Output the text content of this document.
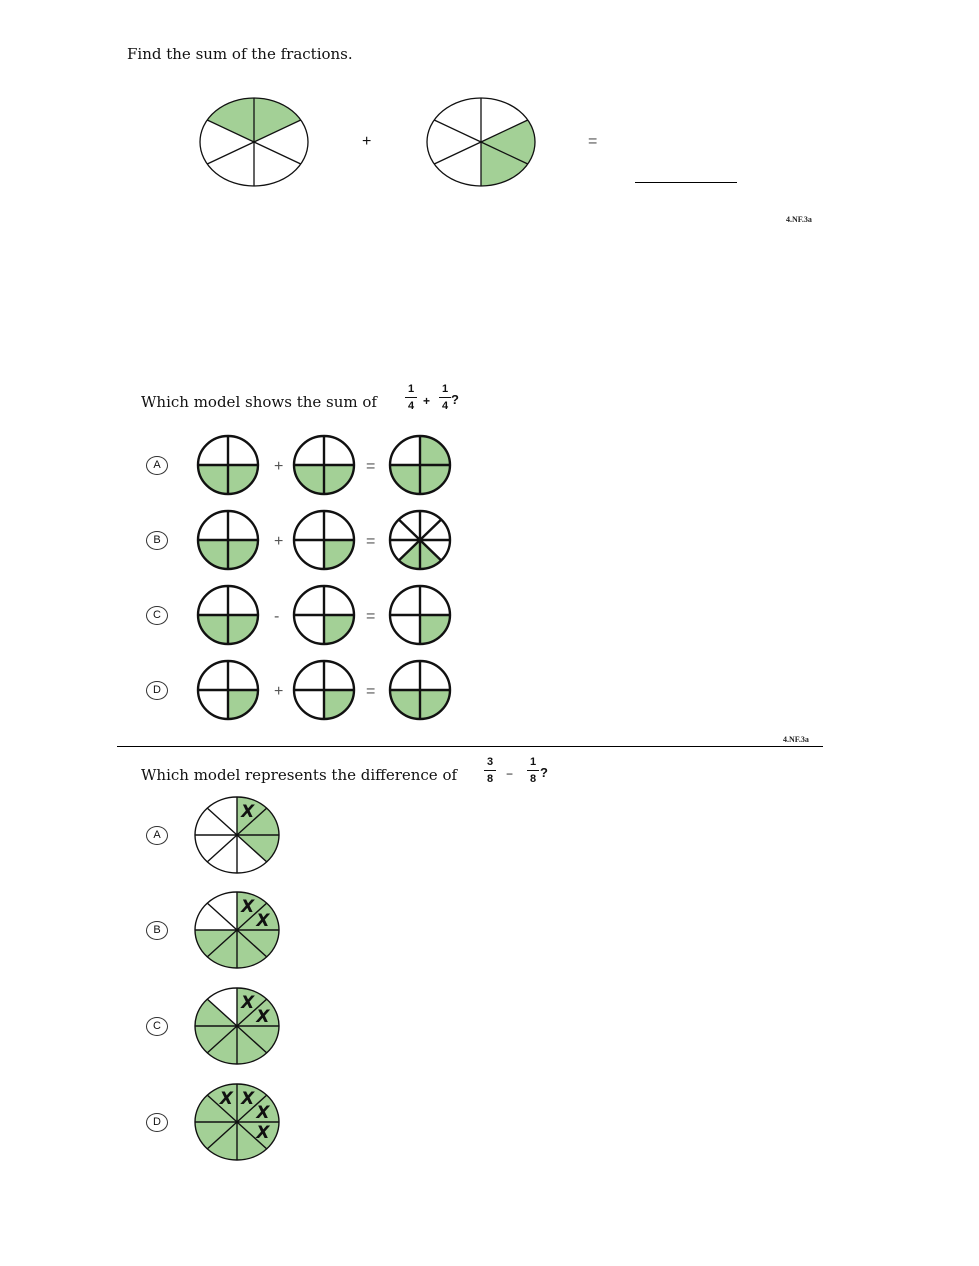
Find the sum of the fractions.
+	=
4.NF.3a
Which model shows the sum of
1
4 +
1
4 ?
A	+	=
B	+	=
C	-	=
D	+	=
4.NF.3a
Which model represents the difference of
3
8	−
1
8 ?
A
X
B
X
X
C
X
X
D
X X
X
X
